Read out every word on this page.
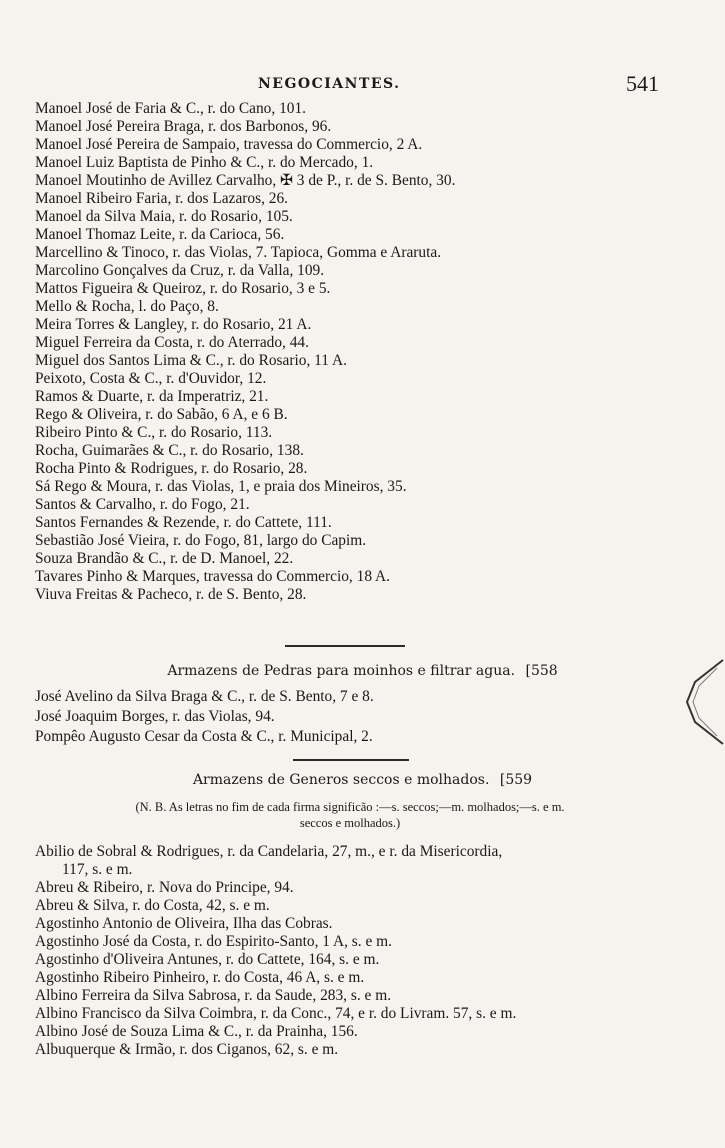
NEGOCIANTES.	541
Manoel José de Faria & C., r. do Cano, 101.
Manoel José Pereira Braga, r. dos Barbonos, 96.
Manoel José Pereira de Sampaio, travessa do Commercio, 2 A.
Manoel Luiz Baptista de Pinho & C., r. do Mercado, 1.
Manoel Moutinho de Avillez Carvalho, ✠ 3 de P., r. de S. Bento, 30.
Manoel Ribeiro Faria, r. dos Lazaros, 26.
Manoel da Silva Maia, r. do Rosario, 105.
Manoel Thomaz Leite, r. da Carioca, 56.
Marcellino & Tinoco, r. das Violas, 7. Tapioca, Gomma e Araruta.
Marcolino Gonçalves da Cruz, r. da Valla, 109.
Mattos Figueira & Queiroz, r. do Rosario, 3 e 5.
Mello & Rocha, l. do Paço, 8.
Meira Torres & Langley, r. do Rosario, 21 A.
Miguel Ferreira da Costa, r. do Aterrado, 44.
Miguel dos Santos Lima & C., r. do Rosario, 11 A.
Peixoto, Costa & C., r. d'Ouvidor, 12.
Ramos & Duarte, r. da Imperatriz, 21.
Rego & Oliveira, r. do Sabão, 6 A, e 6 B.
Ribeiro Pinto & C., r. do Rosario, 113.
Rocha, Guimarães & C., r. do Rosario, 138.
Rocha Pinto & Rodrigues, r. do Rosario, 28.
Sá Rego & Moura, r. das Violas, 1, e praia dos Mineiros, 35.
Santos & Carvalho, r. do Fogo, 21.
Santos Fernandes & Rezende, r. do Cattete, 111.
Sebastião José Vieira, r. do Fogo, 81, largo do Capim.
Souza Brandão & C., r. de D. Manoel, 22.
Tavares Pinho & Marques, travessa do Commercio, 18 A.
Viuva Freitas & Pacheco, r. de S. Bento, 28.
Armazens de Pedras para moinhos e filtrar agua. [558
José Avelino da Silva Braga & C., r. de S. Bento, 7 e 8.
José Joaquim Borges, r. das Violas, 94.
Pompêo Augusto Cesar da Costa & C., r. Municipal, 2.
Armazens de Generos seccos e molhados. [559
(N. B. As letras no fim de cada firma significão :—s. seccos;—m. molhados;—s. e m.
seccos e molhados.)
Abilio de Sobral & Rodrigues, r. da Candelaria, 27, m., e r. da Misericordia,
117, s. e m.
Abreu & Ribeiro, r. Nova do Principe, 94.
Abreu & Silva, r. do Costa, 42, s. e m.
Agostinho Antonio de Oliveira, Ilha das Cobras.
Agostinho José da Costa, r. do Espirito-Santo, 1 A, s. e m.
Agostinho d'Oliveira Antunes, r. do Cattete, 164, s. e m.
Agostinho Ribeiro Pinheiro, r. do Costa, 46 A, s. e m.
Albino Ferreira da Silva Sabrosa, r. da Saude, 283, s. e m.
Albino Francisco da Silva Coimbra, r. da Conc., 74, e r. do Livram. 57, s. e m.
Albino José de Souza Lima & C., r. da Prainha, 156.
Albuquerque & Irmão, r. dos Ciganos, 62, s. e m.
